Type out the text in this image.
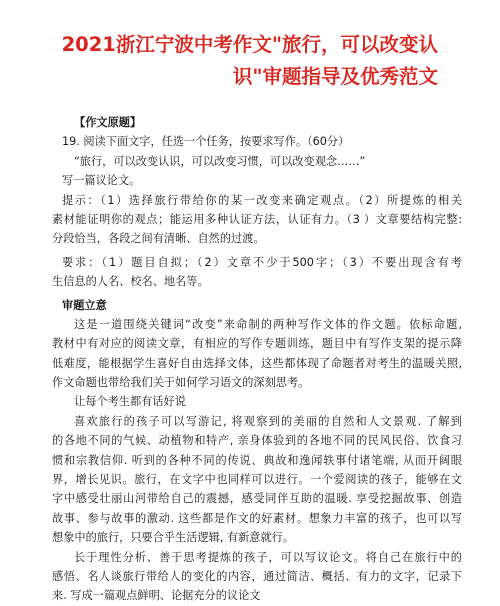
2021浙江宁波中考作文"旅行，可以改变认
识"审题指导及优秀范文
【作文原题】
19. 阅读下面文字，任选一个任务，按要求写作。（60分）
“旅行，可以改变认识，可以改变习惯，可以改变观念……”
写一篇议论文。
提示：（1）选择旅行带给你的某一改变来确定观点。（2）所提炼的相关
素材能证明你的观点；能运用多种认证方法，认证有力。（3 ）文章要结构完整:
分段恰当，各段之间有清晰、自然的过渡。
要求：（1）题目自拟；（2）文章不少于500字；（3）不要出现含有考
生信息的人名、校名、地名等。
审题立意
这是一道围绕关键词“改变”来命制的两种写作文体的作文题。依标命题,
教材中有对应的阅读文章，有相应的写作专题训练，题目中有写作支架的提示降
低难度，能根据学生喜好自由选择文体，这些都体现了命题者对考生的温暖关照,
作文命题也带给我们关于如何学习语文的深刻思考。
让每个考生都有话好说
喜欢旅行的孩子可以写游记, 将观察到的美丽的自然和人文景观. 了解到
的各地不同的气候、动植物和特产, 亲身体验到的各地不同的民风民俗、饮食习
惯和宗教信仰. 听到的各种不同的传说、典故和逸闻轶事付诸笔端, 从而开阔眼
界，增长见识。旅行，在文字中也同样可以进行。一个爱阅读的孩子，能够在文
字中感受壮丽山河带给自己的震撼，感受同伴互助的温暖. 享受挖掘故事、创造
故事、参与故事的激动. 这些都是作文的好素材。想象力丰富的孩子，也可以写
想象中的旅行，只要合乎生活逻辑, 有新意就行。
长于理性分析、善于思考提炼的孩子，可以写议论文。将自己在旅行中的
感悟、名人谈旅行带给人的变化的内容，通过简洁、概括、有力的文字，记录下
来. 写成一篇观点鲜明、论据充分的议论文
